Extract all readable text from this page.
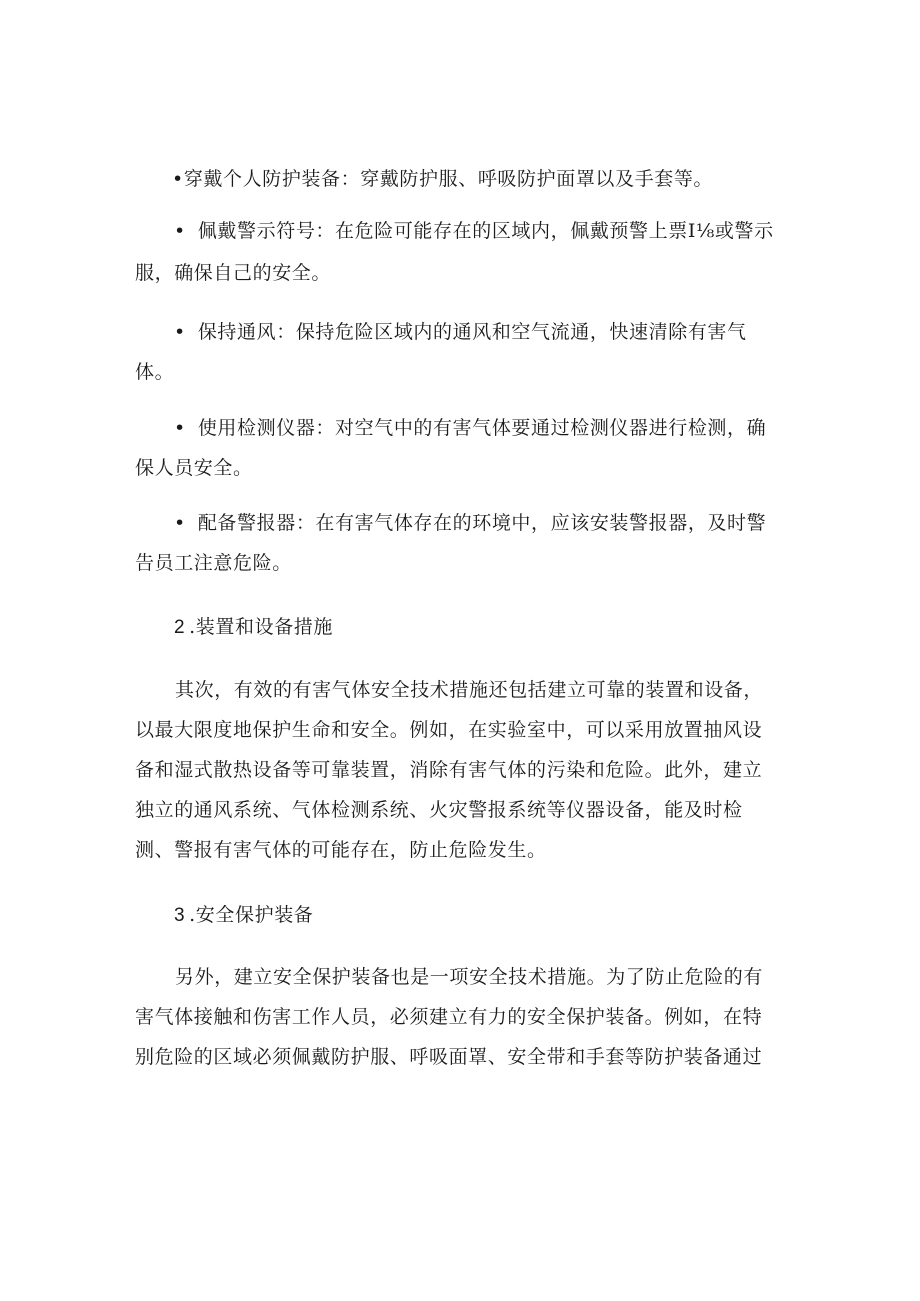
•穿戴个人防护装备：穿戴防护服、呼吸防护面罩以及手套等。
• 佩戴警示符号：在危险可能存在的区域内，佩戴预警上票I⅛或警示
服，确保自己的安全。
• 保持通风：保持危险区域内的通风和空气流通，快速清除有害气
体。
• 使用检测仪器：对空气中的有害气体要通过检测仪器进行检测，确
保人员安全。
• 配备警报器：在有害气体存在的环境中，应该安装警报器，及时警
告员工注意危险。
2 .装置和设备措施
其次，有效的有害气体安全技术措施还包括建立可靠的装置和设备，
以最大限度地保护生命和安全。例如，在实验室中，可以采用放置抽风设
备和湿式散热设备等可靠装置，消除有害气体的污染和危险。此外，建立
独立的通风系统、气体检测系统、火灾警报系统等仪器设备，能及时检
测、警报有害气体的可能存在，防止危险发生。
3 .安全保护装备
另外，建立安全保护装备也是一项安全技术措施。为了防止危险的有
害气体接触和伤害工作人员，必须建立有力的安全保护装备。例如，在特
别危险的区域必须佩戴防护服、呼吸面罩、安全带和手套等防护装备通过
